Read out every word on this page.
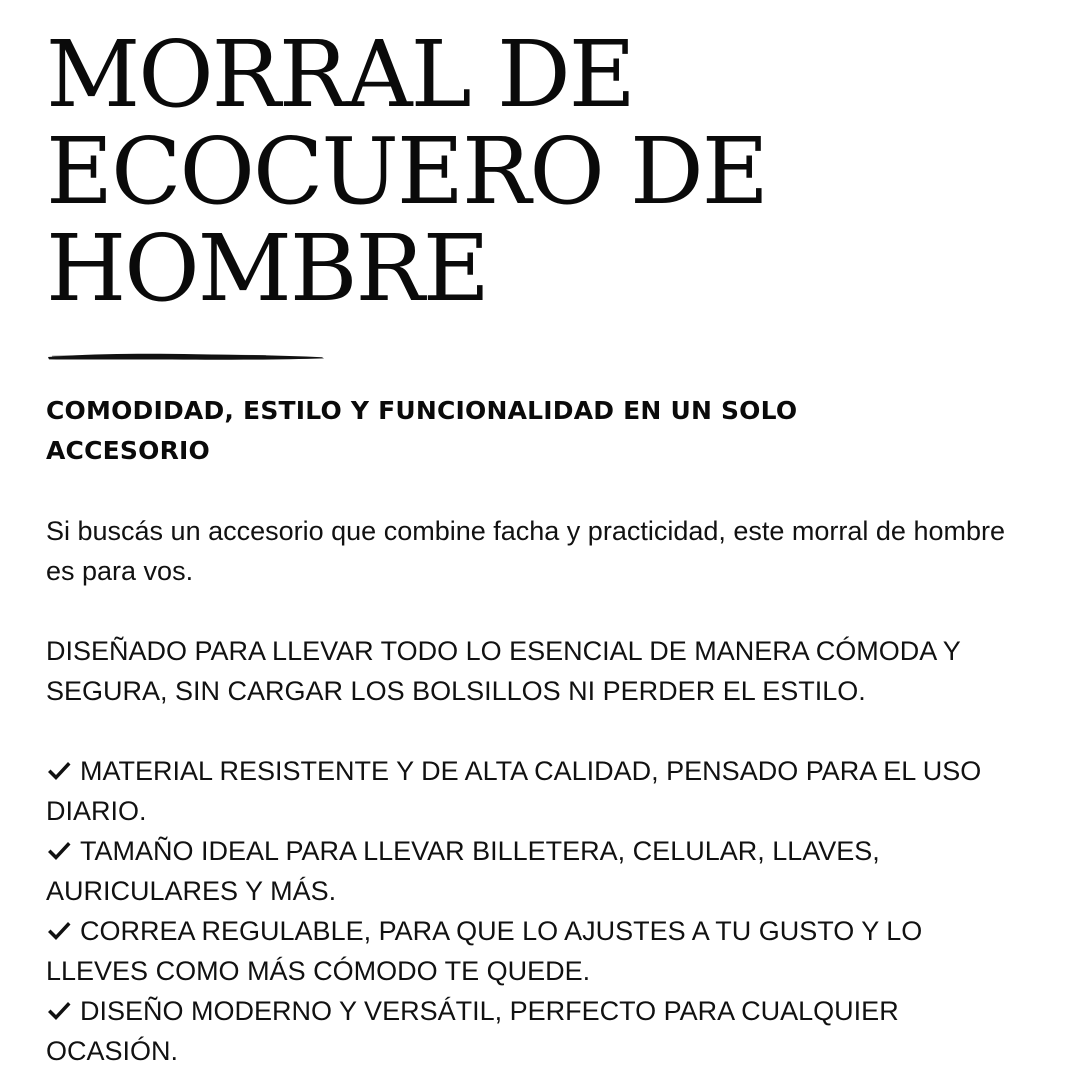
MORRAL DE
ECOCUERO DE
HOMBRE
COMODIDAD, ESTILO Y FUNCIONALIDAD EN UN SOLO ACCESORIO

Si buscás un accesorio que combine facha y practicidad, este morral de hombre es para vos.

DISEÑADO PARA LLEVAR TODO LO ESENCIAL DE MANERA CÓMODA Y SEGURA, SIN CARGAR LOS BOLSILLOS NI PERDER EL ESTILO.

MATERIAL RESISTENTE Y DE ALTA CALIDAD, PENSADO PARA EL USO DIARIO.
TAMAÑO IDEAL PARA LLEVAR BILLETERA, CELULAR, LLAVES, AURICULARES Y MÁS.
CORREA REGULABLE, PARA QUE LO AJUSTES A TU GUSTO Y LO LLEVES COMO MÁS CÓMODO TE QUEDE.
DISEÑO MODERNO Y VERSÁTIL, PERFECTO PARA CUALQUIER OCASIÓN.
